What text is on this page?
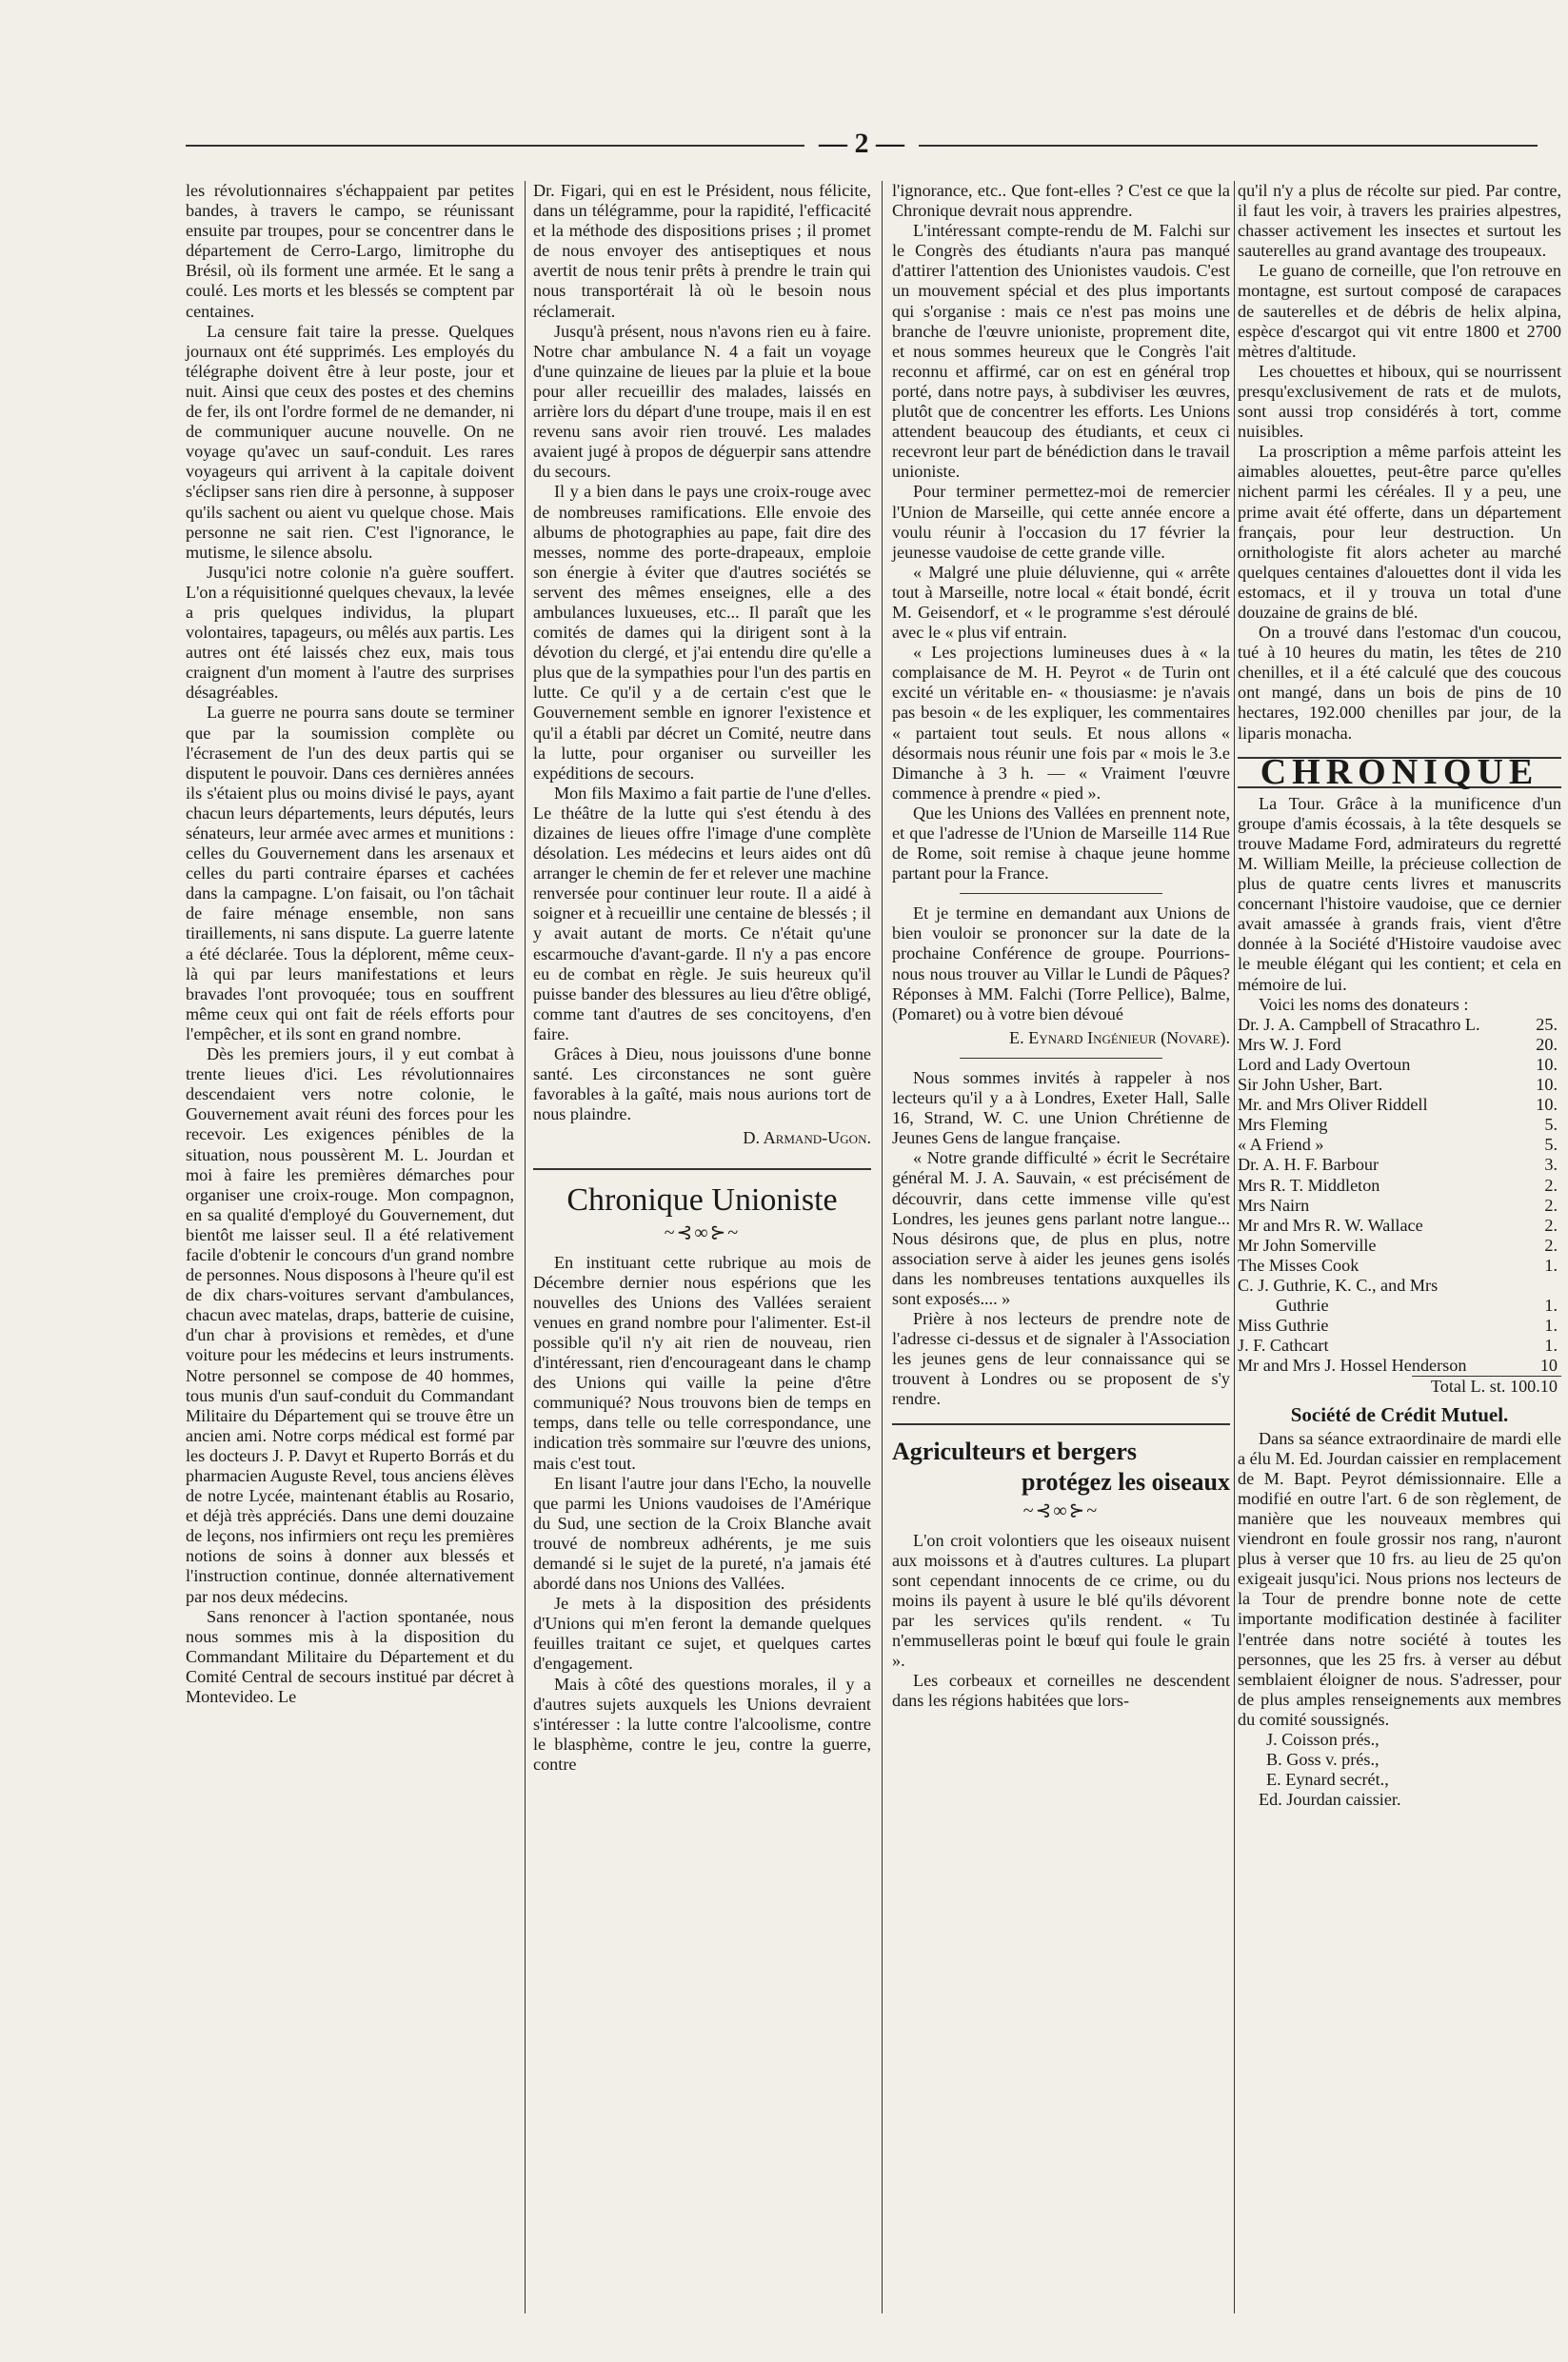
— 2 —

les révolutionnaires s'échappaient par petites bandes, à travers le campo, se réunissant ensuite par troupes, pour se concentrer dans le département de Cerro-Largo, limitrophe du Brésil, où ils forment une armée. Et le sang a coulé. Les morts et les blessés se comptent par centaines.

La censure fait taire la presse. Quelques journaux ont été supprimés. Les employés du télégraphe doivent être à leur poste, jour et nuit. Ainsi que ceux des postes et des chemins de fer, ils ont l'ordre formel de ne demander, ni de communiquer aucune nouvelle. On ne voyage qu'avec un sauf-conduit. Les rares voyageurs qui arrivent à la capitale doivent s'éclipser sans rien dire à personne, à supposer qu'ils sachent ou aient vu quelque chose. Mais personne ne sait rien. C'est l'ignorance, le mutisme, le silence absolu.

Jusqu'ici notre colonie n'a guère souffert. L'on a réquisitionné quelques chevaux, la levée a pris quelques individus, la plupart volontaires, tapageurs, ou mêlés aux partis. Les autres ont été laissés chez eux, mais tous craignent d'un moment à l'autre des surprises désagréables.

La guerre ne pourra sans doute se terminer que par la soumission complète ou l'écrasement de l'un des deux partis qui se disputent le pouvoir. Dans ces dernières années ils s'étaient plus ou moins divisé le pays, ayant chacun leurs départements, leurs députés, leurs sénateurs, leur armée avec armes et munitions : celles du Gouvernement dans les arsenaux et celles du parti contraire éparses et cachées dans la campagne. L'on faisait, ou l'on tâchait de faire ménage ensemble, non sans tiraillements, ni sans dispute. La guerre latente a été déclarée. Tous la déplorent, même ceux-là qui par leurs manifestations et leurs bravades l'ont provoquée; tous en souffrent même ceux qui ont fait de réels efforts pour l'empêcher, et ils sont en grand nombre.

Dès les premiers jours, il y eut combat à trente lieues d'ici. Les révolutionnaires descendaient vers notre colonie, le Gouvernement avait réuni des forces pour les recevoir. Les exigences pénibles de la situation, nous poussèrent M. L. Jourdan et moi à faire les premières démarches pour organiser une croix-rouge. Mon compagnon, en sa qualité d'employé du Gouvernement, dut bientôt me laisser seul. Il a été relativement facile d'obtenir le concours d'un grand nombre de personnes. Nous disposons à l'heure qu'il est de dix chars-voitures servant d'ambulances, chacun avec matelas, draps, batterie de cuisine, d'un char à provisions et remèdes, et d'une voiture pour les médecins et leurs instruments. Notre personnel se compose de 40 hommes, tous munis d'un sauf-conduit du Commandant Militaire du Département qui se trouve être un ancien ami. Notre corps médical est formé par les docteurs J. P. Davyt et Ruperto Borrás et du pharmacien Auguste Revel, tous anciens élèves de notre Lycée, maintenant établis au Rosario, et déjà très appréciés. Dans une demi douzaine de leçons, nos infirmiers ont reçu les premières notions de soins à donner aux blessés et l'instruction continue, donnée alternativement par nos deux médecins.

Sans renoncer à l'action spontanée, nous nous sommes mis à la disposition du Commandant Militaire du Département et du Comité Central de secours institué par décret à Montevideo. Le

Dr. Figari, qui en est le Président, nous félicite, dans un télégramme, pour la rapidité, l'efficacité et la méthode des dispositions prises ; il promet de nous envoyer des antiseptiques et nous avertit de nous tenir prêts à prendre le train qui nous transportérait là où le besoin nous réclamerait.

Jusqu'à présent, nous n'avons rien eu à faire. Notre char ambulance N. 4 a fait un voyage d'une quinzaine de lieues par la pluie et la boue pour aller recueillir des malades, laissés en arrière lors du départ d'une troupe, mais il en est revenu sans avoir rien trouvé. Les malades avaient jugé à propos de déguerpir sans attendre du secours.

Il y a bien dans le pays une croix-rouge avec de nombreuses ramifications. Elle envoie des albums de photographies au pape, fait dire des messes, nomme des porte-drapeaux, emploie son énergie à éviter que d'autres sociétés se servent des mêmes enseignes, elle a des ambulances luxueuses, etc... Il paraît que les comités de dames qui la dirigent sont à la dévotion du clergé, et j'ai entendu dire qu'elle a plus que de la sympathies pour l'un des partis en lutte. Ce qu'il y a de certain c'est que le Gouvernement semble en ignorer l'existence et qu'il a établi par décret un Comité, neutre dans la lutte, pour organiser ou surveiller les expéditions de secours.

Mon fils Maximo a fait partie de l'une d'elles. Le théâtre de la lutte qui s'est étendu à des dizaines de lieues offre l'image d'une complète désolation. Les médecins et leurs aides ont dû arranger le chemin de fer et relever une machine renversée pour continuer leur route. Il a aidé à soigner et à recueillir une centaine de blessés ; il y avait autant de morts. Ce n'était qu'une escarmouche d'avant-garde. Il n'y a pas encore eu de combat en règle. Je suis heureux qu'il puisse bander des blessures au lieu d'être obligé, comme tant d'autres de ses concitoyens, d'en faire.

Grâces à Dieu, nous jouissons d'une bonne santé. Les circonstances ne sont guère favorables à la gaîté, mais nous aurions tort de nous plaindre.

D. Armand-Ugon.

Chronique Unioniste
~⊰∞⊱~

En instituant cette rubrique au mois de Décembre dernier nous espérions que les nouvelles des Unions des Vallées seraient venues en grand nombre pour l'alimenter. Est-il possible qu'il n'y ait rien de nouveau, rien d'intéressant, rien d'encourageant dans le champ des Unions qui vaille la peine d'être communiqué? Nous trouvons bien de temps en temps, dans telle ou telle correspondance, une indication très sommaire sur l'œuvre des unions, mais c'est tout.

En lisant l'autre jour dans l'Echo, la nouvelle que parmi les Unions vaudoises de l'Amérique du Sud, une section de la Croix Blanche avait trouvé de nombreux adhérents, je me suis demandé si le sujet de la pureté, n'a jamais été abordé dans nos Unions des Vallées.

Je mets à la disposition des présidents d'Unions qui m'en feront la demande quelques feuilles traitant ce sujet, et quelques cartes d'engagement.

Mais à côté des questions morales, il y a d'autres sujets auxquels les Unions devraient s'intéresser : la lutte contre l'alcoolisme, contre le blasphème, contre le jeu, contre la guerre, contre

l'ignorance, etc.. Que font-elles ? C'est ce que la Chronique devrait nous apprendre.

L'intéressant compte-rendu de M. Falchi sur le Congrès des étudiants n'aura pas manqué d'attirer l'attention des Unionistes vaudois. C'est un mouvement spécial et des plus importants qui s'organise : mais ce n'est pas moins une branche de l'œuvre unioniste, proprement dite, et nous sommes heureux que le Congrès l'ait reconnu et affirmé, car on est en général trop porté, dans notre pays, à subdiviser les œuvres, plutôt que de concentrer les efforts. Les Unions attendent beaucoup des étudiants, et ceux ci recevront leur part de bénédiction dans le travail unioniste.

Pour terminer permettez-moi de remercier l'Union de Marseille, qui cette année encore a voulu réunir à l'occasion du 17 février la jeunesse vaudoise de cette grande ville.

« Malgré une pluie déluvienne, qui « arrête tout à Marseille, notre local « était bondé, écrit M. Geisendorf, et « le programme s'est déroulé avec le « plus vif entrain.

« Les projections lumineuses dues à « la complaisance de M. H. Peyrot « de Turin ont excité un véritable en- « thousiasme: je n'avais pas besoin « de les expliquer, les commentaires « partaient tout seuls. Et nous allons « désormais nous réunir une fois par « mois le 3.e Dimanche à 3 h. — « Vraiment l'œuvre commence à prendre « pied ».

Que les Unions des Vallées en prennent note, et que l'adresse de l'Union de Marseille 114 Rue de Rome, soit remise à chaque jeune homme partant pour la France.

Et je termine en demandant aux Unions de bien vouloir se prononcer sur la date de la prochaine Conférence de groupe. Pourrions-nous nous trouver au Villar le Lundi de Pâques? Réponses à MM. Falchi (Torre Pellice), Balme, (Pomaret) ou à votre bien dévoué

E. Eynard Ingénieur (Novare).

Nous sommes invités à rappeler à nos lecteurs qu'il y a à Londres, Exeter Hall, Salle 16, Strand, W. C. une Union Chrétienne de Jeunes Gens de langue française.

« Notre grande difficulté » écrit le Secrétaire général M. J. A. Sauvain, « est précisément de découvrir, dans cette immense ville qu'est Londres, les jeunes gens parlant notre langue... Nous désirons que, de plus en plus, notre association serve à aider les jeunes gens isolés dans les nombreuses tentations auxquelles ils sont exposés.... »

Prière à nos lecteurs de prendre note de l'adresse ci-dessus et de signaler à l'Association les jeunes gens de leur connaissance qui se trouvent à Londres ou se proposent de s'y rendre.

Agriculteurs et bergers
protégez les oiseaux
~⊰∞⊱~

L'on croit volontiers que les oiseaux nuisent aux moissons et à d'autres cultures. La plupart sont cependant innocents de ce crime, ou du moins ils payent à usure le blé qu'ils dévorent par les services qu'ils rendent. « Tu n'emmuselleras point le bœuf qui foule le grain ».

Les corbeaux et corneilles ne descendent dans les régions habitées que lors-

qu'il n'y a plus de récolte sur pied. Par contre, il faut les voir, à travers les prairies alpestres, chasser activement les insectes et surtout les sauterelles au grand avantage des troupeaux.

Le guano de corneille, que l'on retrouve en montagne, est surtout composé de carapaces de sauterelles et de débris de helix alpina, espèce d'escargot qui vit entre 1800 et 2700 mètres d'altitude.

Les chouettes et hiboux, qui se nourrissent presqu'exclusivement de rats et de mulots, sont aussi trop considérés à tort, comme nuisibles.

La proscription a même parfois atteint les aimables alouettes, peut-être parce qu'elles nichent parmi les céréales. Il y a peu, une prime avait été offerte, dans un département français, pour leur destruction. Un ornithologiste fit alors acheter au marché quelques centaines d'alouettes dont il vida les estomacs, et il y trouva un total d'une douzaine de grains de blé.

On a trouvé dans l'estomac d'un coucou, tué à 10 heures du matin, les têtes de 210 chenilles, et il a été calculé que des coucous ont mangé, dans un bois de pins de 10 hectares, 192.000 chenilles par jour, de la liparis monacha.

CHRONIQUE

La Tour. Grâce à la munificence d'un groupe d'amis écossais, à la tête desquels se trouve Madame Ford, admirateurs du regretté M. William Meille, la précieuse collection de plus de quatre cents livres et manuscrits concernant l'histoire vaudoise, que ce dernier avait amassée à grands frais, vient d'être donnée à la Société d'Histoire vaudoise avec le meuble élégant qui les contient; et cela en mémoire de lui.

Voici les noms des donateurs :

Dr. J. A. Campbell of Stracathro L.	25.
Mrs W. J. Ford	20.
Lord and Lady Overtoun	10.
Sir John Usher, Bart.	10.
Mr. and Mrs Oliver Riddell	10.
Mrs Fleming	5.
« A Friend »	5.
Dr. A. H. F. Barbour	3.
Mrs R. T. Middleton	2.
Mrs Nairn	2.
Mr and Mrs R. W. Wallace	2.
Mr John Somerville	2.
The Misses Cook	1.
C. J. Guthrie, K. C., and Mrs
Guthrie	1.
Miss Guthrie	1.
J. F. Cathcart	1.
Mr and Mrs J. Hossel Henderson	10
Total L. st. 100.10
Société de Crédit Mutuel.

Dans sa séance extraordinaire de mardi elle a élu M. Ed. Jourdan caissier en remplacement de M. Bapt. Peyrot démissionnaire. Elle a modifié en outre l'art. 6 de son règlement, de manière que les nouveaux membres qui viendront en foule grossir nos rang, n'auront plus à verser que 10 frs. au lieu de 25 qu'on exigeait jusqu'ici. Nous prions nos lecteurs de la Tour de prendre bonne note de cette importante modification destinée à faciliter l'entrée dans notre société à toutes les personnes, que les 25 frs. à verser au début semblaient éloigner de nous. S'adresser, pour de plus amples renseignements aux membres du comité soussignés.

J. Coisson prés.,

B. Goss v. prés.,

E. Eynard secrét.,

Ed. Jourdan caissier.
